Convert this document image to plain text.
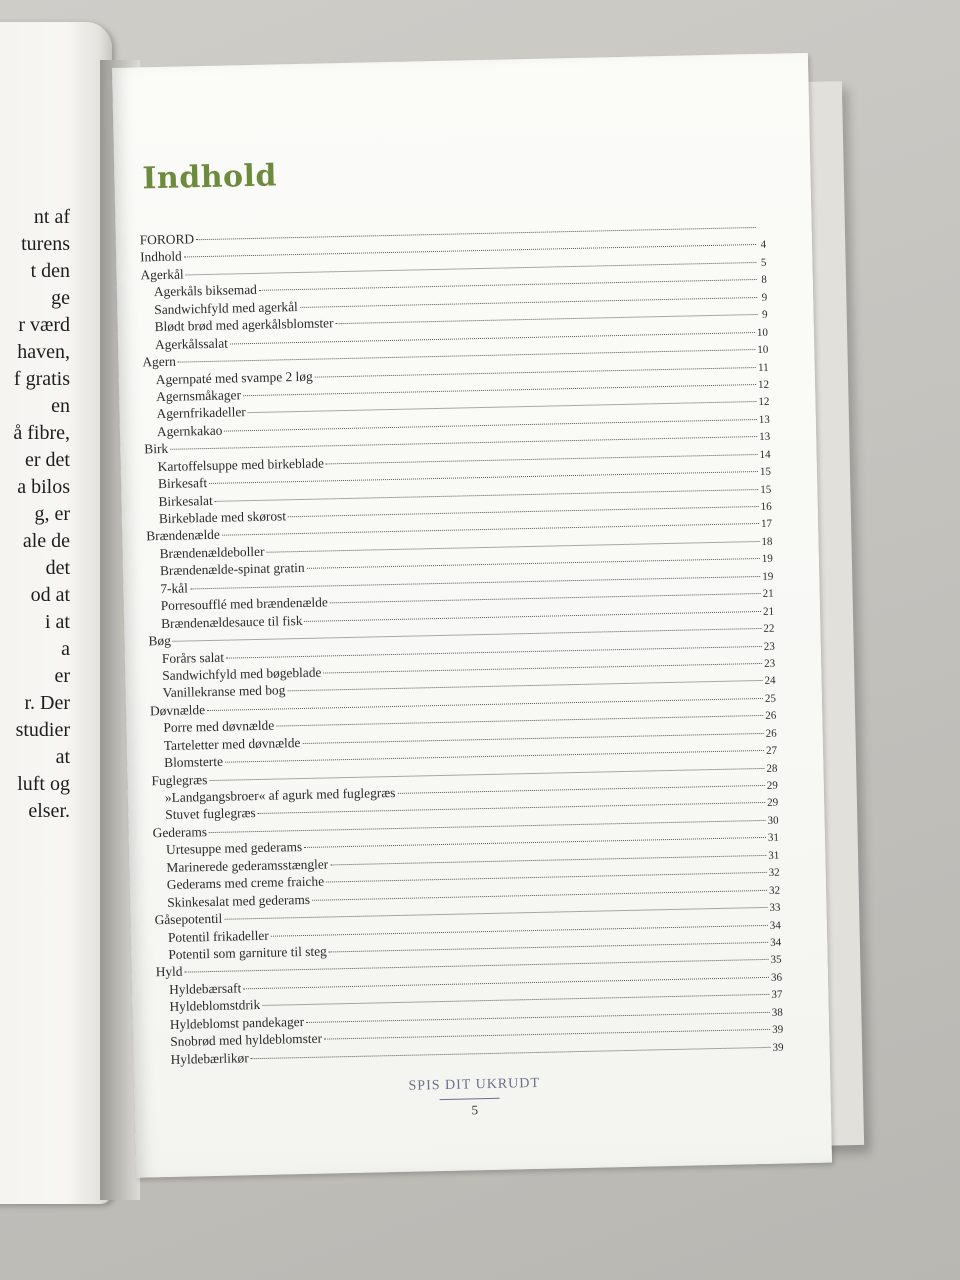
nt af
turens
t den
ge
r værd
haven,
f gratis
en
å fibre,
er det
a bilos
g, er
ale de
det
od at
i at
a
er
r. Der
studier
at
luft og
elser.
Indhold
FORORD
Indhold
4
Agerkål
5
Agerkåls biksemad
8
Sandwichfyld med agerkål
9
Blødt brød med agerkålsblomster
9
Agerkålssalat
10
Agern
10
Agernpaté med svampe 2 løg
11
Agernsmåkager
12
Agernfrikadeller
12
Agernkakao
13
Birk
13
Kartoffelsuppe med birkeblade
14
Birkesaft
15
Birkesalat
15
Birkeblade med skørost
16
Brændenælde
17
Brændenældeboller
18
Brændenælde-spinat gratin
19
7-kål
19
Porresoufflé med brændenælde
21
Brændenældesauce til fisk
21
Bøg
22
Forårs salat
23
Sandwichfyld med bøgeblade
23
Vanillekranse med bog
24
Døvnælde
25
Porre med døvnælde
26
Tarteletter med døvnælde
26
Blomsterte
27
Fuglegræs
28
»Landgangsbroer« af agurk med fuglegræs	29
Stuvet fuglegræs
29
Gederams
30
Urtesuppe med gederams
31
Marinerede gederamsstængler
31
Gederams med creme fraiche
32
Skinkesalat med gederams
32
Gåsepotentil
33
Potentil frikadeller
34
Potentil som garniture til steg
34
Hyld
35
Hyldebærsaft
36
Hyldeblomstdrik
37
Hyldeblomst pandekager
38
Snobrød med hyldeblomster
39
Hyldebærlikør
39
SPIS DIT UKRUDT
5
